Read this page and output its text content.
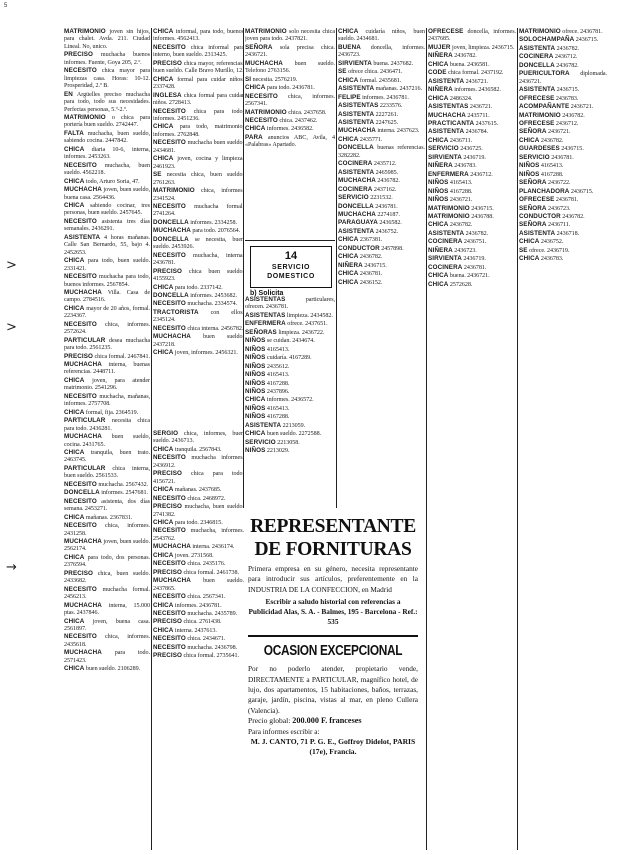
5
>
>
→

MATRIMONIO joven sin hijos, para chalet. Avda. 211. Ciudad Lineal. No, unico.

PRECISO muchacha buenos informes. Fuente, Goya 205, 2.º.

NECESITO chica mayor para limpiezas casa. Horas: 10-12. Prosperidad, 2.º B.

EN Argüelles preciso muchacha para todo, todo sus necesidades. Perfectas personas, 5.º-2.º.

MATRIMONIO o chica para portería buen sueldo. 2742447.

FALTA muchacha, buen sueldo, sabiendo cocina. 2447842.

CHICA diaria 10-6, interna, informes. 2453263.

NECESITO muchacha, buen sueldo. 4562218.

CHICA todo, Arturo Soria, 47.

MUCHACHA joven, buen sueldo, buena casa. 2564436.

CHICA sabiendo cocinar, tres personas, buen sueldo. 2457645.

NECESITO asistenta tres días semanales. 2436291.

ASISTENTA 4 horas mañanas. Calle San Bernardo, 55, bajo 4. 2452653.

CHICA para todo, buen sueldo. 2331421.

NECESITO muchacha para todo, buenos informes. 2567854.

MUCHACHA Villa. Casa de campo. 2784516.

CHICA mayor de 20 años, formal. 2234367.

NECESITO chica, informes. 2572624.

PARTICULAR desea muchacha para todo. 2561235.

PRECISO chica formal. 2467841.

MUCHACHA interna, buenas referencias. 2448711.

CHICA joven, para atender matrimonio. 2541296.

NECESITO muchacha, mañanas, informes. 2757708.

CHICA formal, fija. 2364519.

PARTICULAR necesita chica para todo. 2436281.

MUCHACHA buen sueldo, cocina. 2431765.

CHICA tranquila, buen trato. 2463745.

PARTICULAR chica interna, buen sueldo. 2561533.

NECESITO muchacha. 2567432.

DONCELLA informes. 2547681.

NECESITO asistenta, dos días semana. 2453271.

CHICA mañanas. 2367831.

NECESITO chica, informes. 2431258.

MUCHACHA joven, buen sueldo. 2562174.

CHICA para todo, dos personas. 2376594.

PRECISO chica, buen sueldo. 2433682.

NECESITO muchacha formal. 2456213.

MUCHACHA interna, 15.000 ptas. 2437846.

CHICA joven, buena casa. 2561897.

NECESITO chica, informes. 2435618.

MUCHACHA para todo. 2571423.

CHICA buen sueldo. 2106289.

CHICA informal, para todo, buenos informes. 4562413.

NECESITO chica informal para interno, buen sueldo. 2313425.

PRECISO chica mayor, referencias, buen sueldo. Calle Bravo Murillo, 12.

CHICA formal para cuidar niños. 2337428.

INGLESA chica formal para cuidar niños. 2728413.

NECESITO chica para todo, informes. 2451236.

CHICA para todo, matrimonio, informes. 2762848.

NECESITO muchacha buen sueldo. 2434681.

CHICA joven, cocina y limpieza. 2461923.

SE necesita chica, buen sueldo. 2761263.

MATRIMONIO chica, informes. 2341524.

NECESITO muchacha formal. 2741264.

DONCELLA informes. 2334258.

MUCHACHA para todo. 2076564.

DONCELLA se necesita, buen sueldo. 2453926.

NECESITO muchacha, interna. 2436781.

PRECISO chica buen sueldo. 4155923.

CHICA para todo. 2337142.

DONCELLA informes. 2453682.

NECESITO muchacha. 2334574.

TRACTORISTA con ellos. 2345124.

NECESITO chica interna. 2456782.

MUCHACHA buen sueldo. 2437218.

CHICA joven, informes. 2456321.

SERGIO chica, informes, buen sueldo. 2436713.

CHICA tranquila. 2567843.

NECESITO muchacha informes. 2436912.

PRECISO chica para todo. 4156721.

CHICA mañanas. 2437685.

NECESITO chica. 2468972.

PRECISO muchacha, buen sueldo. 2741382.

CHICA para todo. 2346815.

NECESITO muchacha, informes. 2543762.

MUCHACHA interna. 2436174.

CHICA joven. 2731568.

NECESITO chica. 2435176.

PRECISO chica formal. 2461738.

MUCHACHA buen sueldo. 2437865.

NECESITO chica. 2567341.

CHICA informes. 2436781.

NECESITO muchacha. 2435789.

PRECISO chica. 2761438.

CHICA interna. 2437613.

NECESITO chica. 2434671.

NECESITO muchacha. 2436798.

PRECISO chica formal. 2735641.

MATRIMONIO solo necesita chica joven para todo. 2437821.

SEÑORA sola precisa chica. 2436721.

MUCHACHA buen sueldo. Telefono 2763156.

SI necesita. 2576219.

CHICA para todo. 2436781.

NECESITO chica, informes. 2567341.

MATRIMONIO chica. 2437658.

NECESITO chica. 2437462.

CHICA informes. 2436582.

PARA anuncios ABC, Avila, 4 «Palabras» Apartado.

ASISTENTAS particulares, ofrecen. 2436781.

ASISTENTAS limpieza. 2434582.

ENFERMERA ofrece. 2437651.

SEÑORAS limpieza. 2436722.

NIÑOS se cuidan. 2434674.

NIÑOS 4165413.

NIÑOS cuidaría. 4167289.

NIÑOS 2435612.

NIÑOS 4165413.

NIÑOS 4167288.

NIÑOS 2437896.

CHICA informes. 2436572.

NIÑOS 4165413.

NIÑOS 4167288.

ASISTENTA 2213059.

CHICA buen sueldo. 2272588.

SERVICIO 2213058.

NIÑOS 2213029.

CHICA cuidaría niños, buen sueldo. 2434681.

BUENA doncella, informes. 2436723.

SIRVIENTA buena. 2437682.

SE ofrece chica. 2436471.

CHICA formal. 2435681.

ASISTENTA mañanas. 2437216.

FELIPE informes. 2436781.

ASISTENTAS 2233576.

ASISTENTA 2227261.

ASISTENTA 2247625.

MUCHACHA interna. 2437623.

CHICA 2435771.

DONCELLA buenas referencias. 3282282.

COCINERA 2435712.

ASISTENTA 2465985.

MUCHACHA 2436782.

COCINERA 2437162.

SERVICIO 2231532.

DONCELLA 2436781.

MUCHACHA 2274187.

PARAGUAYA 2436582.

ASISTENTA 2436752.

CHICA 2367381.

CONDUCTOR 2457898.

CHICA 2436782.

NIÑERA 2436715.

CHICA 2436781.

CHICA 2436152.

OFRECESE doncella, informes. 2437685.

MUJER joven, limpieza. 2436715.

NIÑERA 2436782.

CHICA buena. 2436581.

CODE chica formal. 2437192.

ASISTENTA 2436721.

NIÑERA informes. 2436582.

CHICA 2486324.

ASISTENTAS 2436721.

MUCHACHA 2435711.

PRACTICANTA 2437615.

ASISTENTA 2436784.

CHICA 2436711.

SERVICIO 2436725.

SIRVIENTA 2436719.

NIÑERA 2436783.

ENFERMERA 2436712.

NIÑOS 4165413.

NIÑOS 4167288.

NIÑOS 2436721.

MATRIMONIO 2436715.

MATRIMONIO 2436788.

CHICA 2436782.

ASISTENTA 2436782.

COCINERA 2436751.

NIÑERA 2436723.

SIRVIENTA 2436719.

COCINERA 2436781.

CHICA buena. 2436721.

CHICA 2572628.

MATRIMONIO ofrece. 2436781.

SOLOCHAMPAÑA 2436715.

ASISTENTA 2436782.

COCINERA 2436712.

DONCELLA 2436782.

PUERICULTORA diplomada. 2436721.

ASISTENTA 2436715.

OFRECESE 2436783.

ACOMPAÑANTE 2436721.

MATRIMONIO 2436782.

OFRECESE 2436712.

SEÑORA 2436721.

CHICA 2436782.

GUARDESES 2436715.

SERVICIO 2436781.

NIÑOS 4165413.

NIÑOS 4167288.

SEÑORA 2436722.

PLANCHADORA 2436715.

OFRECESE 2436781.

SEÑORA 2436723.

CONDUCTOR 2436782.

SEÑORA 2436711.

ASISTENTA 2436718.

CHICA 2436752.

SE ofrece. 2436719.

CHICA 2436783.

14
SERVICIO DOMESTICO
b) Solicita
REPRESENTANTE
DE FORNITURAS

Primera empresa en su género, necesita representante para introducir sus artículos, preferentemente en la INDUSTRIA DE LA CONFECCION, en Madrid

Escribir a saludo historial con referencias a Publicidad Alas, S. A. - Balmes, 195 - Barcelona - Ref.: 535

OCASION EXCEPCIONAL

Por no poderlo atender, propietario vende, DIRECTAMENTE a PARTICULAR, magnífico hotel, de lujo, dos apartamentos, 15 habitaciones, baños, terrazas, garaje, jardín, piscina, vistas al mar, en pleno Cullera (Valencia).

Precio global: 200.000 F. franceses

Para informes escribir a:

M. J. CANTO, 71 P. G. E., Goffroy Didelot, PARIS (17e), Francia.
